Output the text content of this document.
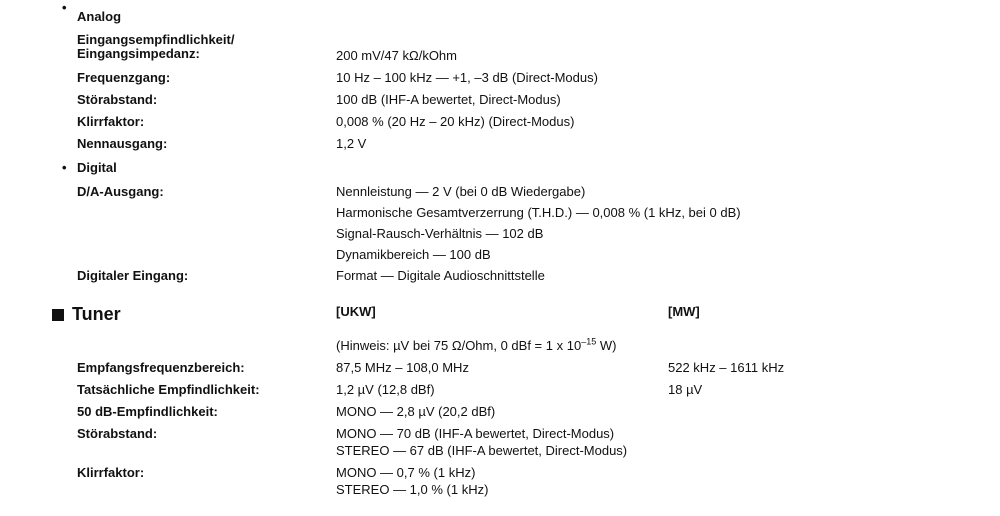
•
Analog
Eingangsempfindlichkeit/
Eingangsimpedanz:	200 mV/47 kΩ/kOhm
Frequenzgang:	10 Hz – 100 kHz — +1, –3 dB (Direct-Modus)
Störabstand:	100 dB (IHF-A bewertet, Direct-Modus)
Klirrfaktor:	0,008 % (20 Hz – 20 kHz) (Direct-Modus)
Nennausgang:	1,2 V
• Digital
D/A-Ausgang:	Nennleistung — 2 V (bei 0 dB Wiedergabe)
Harmonische Gesamtverzerrung (T.H.D.) — 0,008 % (1 kHz, bei 0 dB)
Signal-Rausch-Verhältnis — 102 dB
Dynamikbereich — 100 dB
Digitaler Eingang:	Format — Digitale Audioschnittstelle
Tuner	[UKW]	[MW]
(Hinweis: µV bei 75 Ω/Ohm, 0 dBf = 1 x $10^{-15}$ W)
Empfangsfrequenzbereich:	87,5 MHz – 108,0 MHz	522 kHz – 1611 kHz
Tatsächliche Empfindlichkeit:	1,2 µV (12,8 dBf)	18 µV
50 dB-Empfindlichkeit:	MONO — 2,8 µV (20,2 dBf)
Störabstand:	MONO — 70 dB (IHF-A bewertet, Direct-Modus)
STEREO — 67 dB (IHF-A bewertet, Direct-Modus)
Klirrfaktor:	MONO — 0,7 % (1 kHz)
STEREO — 1,0 % (1 kHz)
